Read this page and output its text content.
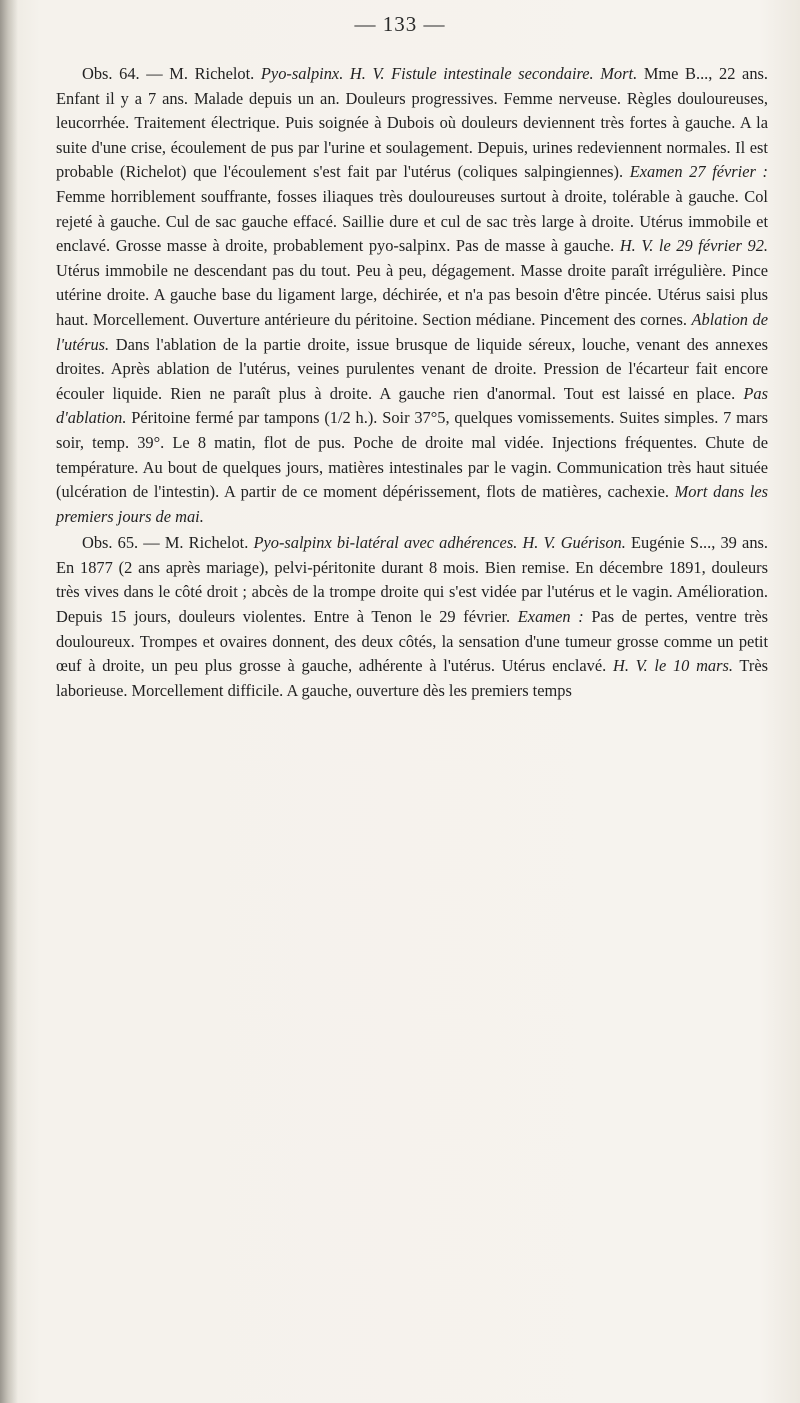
— 133 —

Obs. 64. — M. Richelot. Pyo-salpinx. H. V. Fistule intestinale secondaire. Mort. Mme B..., 22 ans. Enfant il y a 7 ans. Malade depuis un an. Douleurs progressives. Femme nerveuse. Règles douloureuses, leucorrhée. Traitement électrique. Puis soignée à Dubois où douleurs deviennent très fortes à gauche. A la suite d'une crise, écoulement de pus par l'urine et soulagement. Depuis, urines redeviennent normales. Il est probable (Richelot) que l'écoulement s'est fait par l'utérus (coliques salpingiennes). Examen 27 février : Femme horriblement souffrante, fosses iliaques très douloureuses surtout à droite, tolérable à gauche. Col rejeté à gauche. Cul de sac gauche effacé. Saillie dure et cul de sac très large à droite. Utérus immobile et enclavé. Grosse masse à droite, probablement pyo-salpinx. Pas de masse à gauche. H. V. le 29 février 92. Utérus immobile ne descendant pas du tout. Peu à peu, dégagement. Masse droite paraît irrégulière. Pince utérine droite. A gauche base du ligament large, déchirée, et n'a pas besoin d'être pincée. Utérus saisi plus haut. Morcellement. Ouverture antérieure du péritoine. Section médiane. Pincement des cornes. Ablation de l'utérus. Dans l'ablation de la partie droite, issue brusque de liquide séreux, louche, venant des annexes droites. Après ablation de l'utérus, veines purulentes venant de droite. Pression de l'écarteur fait encore écouler liquide. Rien ne paraît plus à droite. A gauche rien d'anormal. Tout est laissé en place. Pas d'ablation. Péritoine fermé par tampons (1/2 h.). Soir 37°5, quelques vomissements. Suites simples. 7 mars soir, temp. 39°. Le 8 matin, flot de pus. Poche de droite mal vidée. Injections fréquentes. Chute de température. Au bout de quelques jours, matières intestinales par le vagin. Communication très haut située (ulcération de l'intestin). A partir de ce moment dépérissement, flots de matières, cachexie. Mort dans les premiers jours de mai.

Obs. 65. — M. Richelot. Pyo-salpinx bi-latéral avec adhérences. H. V. Guérison. Eugénie S..., 39 ans. En 1877 (2 ans après mariage), pelvi-péritonite durant 8 mois. Bien remise. En décembre 1891, douleurs très vives dans le côté droit ; abcès de la trompe droite qui s'est vidée par l'utérus et le vagin. Amélioration. Depuis 15 jours, douleurs violentes. Entre à Tenon le 29 février. Examen : Pas de pertes, ventre très douloureux. Trompes et ovaires donnent, des deux côtés, la sensation d'une tumeur grosse comme un petit œuf à droite, un peu plus grosse à gauche, adhérente à l'utérus. Utérus enclavé. H. V. le 10 mars. Très laborieuse. Morcellement difficile. A gauche, ouverture dès les premiers temps
